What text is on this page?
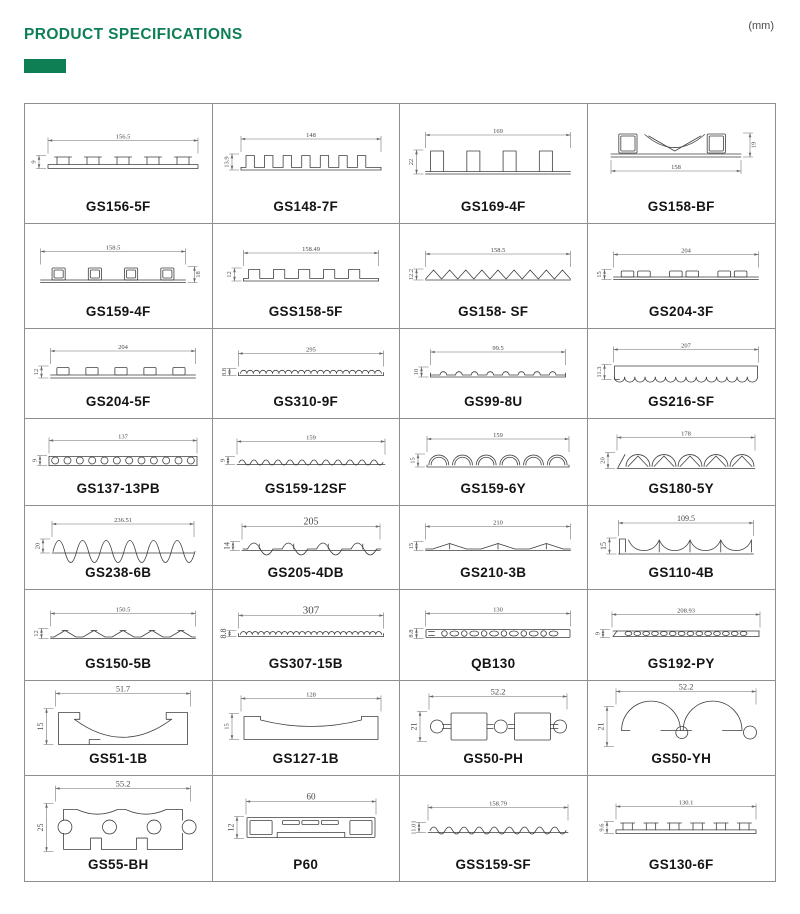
PRODUCT SPECIFICATIONS	(mm)
156.5
9
GS156-5F
148
13.9
GS148-7F
169
22
GS169-4F
158
19
GS158-BF
158.5
18
GS159-4F
158.49
12
GSS158-5F
158.5
12.2
GS158- SF
204
15
GS204-3F
204
12
GS204-5F
295
8.8
GS310-9F
99.5
10
GS99-8U
207
11.3
GS216-SF
137
9
GS137-13PB
159
9
GS159-12SF
159
15
GS159-6Y
178
20
GS180-5Y
236.51
20
GS238-6B
205
14
GS205-4DB
210
15
GS210-3B
109.5
15
GS110-4B
150.5
12
GS150-5B
307
8.8
GS307-15B
130
8.8
QB130
208.93
9
GS192-PY
51.7
15
GS51-1B
128
15
GS127-1B
52.2
21
GS50-PH
52.2
21
GS50-YH
55.2
25
GS55-BH
60
12
P60
158.79
11.01
GSS159-SF
130.1
9.6
GS130-6F
